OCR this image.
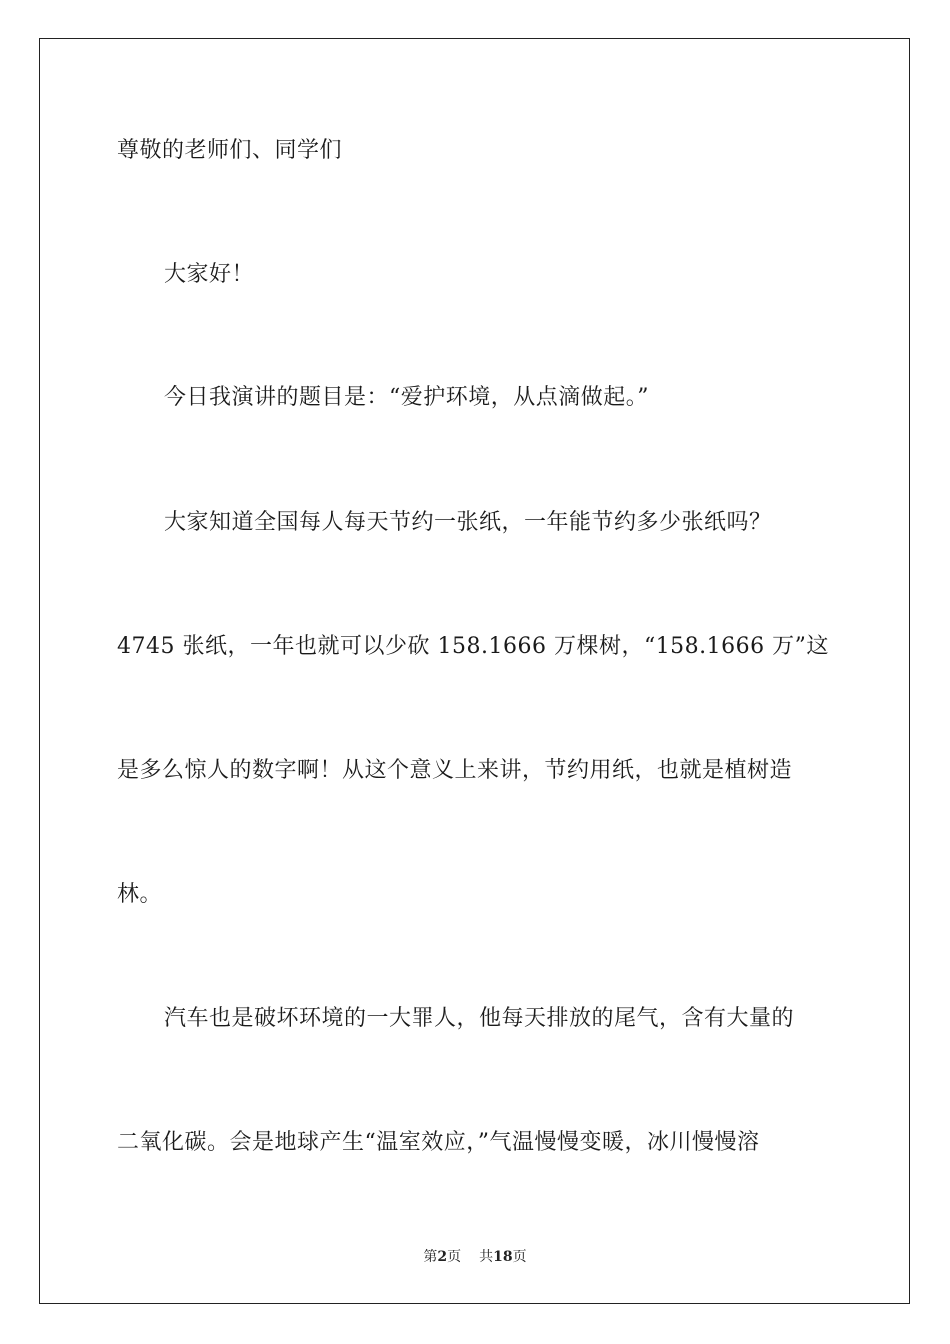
尊敬的老师们、同学们
大家好！
今日我演讲的题目是：“爱护环境，从点滴做起。”
大家知道全国每人每天节约一张纸，一年能节约多少张纸吗？
4745 张纸，一年也就可以少砍 158.1666 万棵树，“158.1666 万”这
是多么惊人的数字啊！从这个意义上来讲，节约用纸，也就是植树造
林。
汽车也是破坏环境的一大罪人，他每天排放的尾气，含有大量的
二氧化碳。会是地球产生“温室效应，”气温慢慢变暖，冰川慢慢溶
第2页 共18页
